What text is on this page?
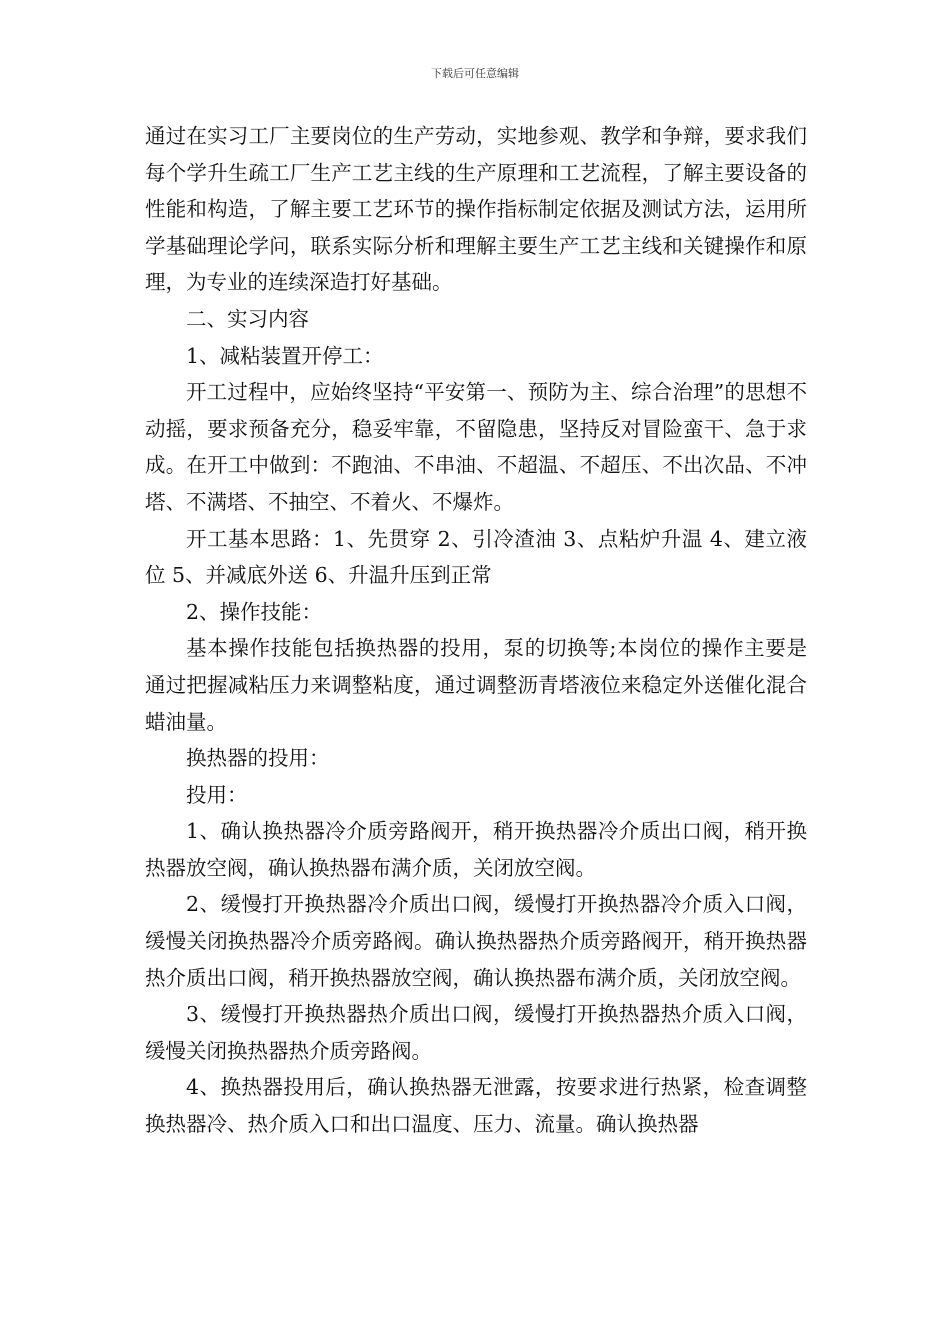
下载后可任意编辑

通过在实习工厂主要岗位的生产劳动，实地参观、教学和争辩，要求我们每个学升生疏工厂生产工艺主线的生产原理和工艺流程，了解主要设备的性能和构造，了解主要工艺环节的操作指标制定依据及测试方法，运用所学基础理论学问，联系实际分析和理解主要生产工艺主线和关键操作和原理，为专业的连续深造打好基础。

二、实习内容

1、减粘装置开停工：

开工过程中，应始终坚持“平安第一、预防为主、综合治理”的思想不动摇，要求预备充分，稳妥牢靠，不留隐患，坚持反对冒险蛮干、急于求成。在开工中做到：不跑油、不串油、不超温、不超压、不出次品、不冲塔、不满塔、不抽空、不着火、不爆炸。

开工基本思路：1、先贯穿 2、引冷渣油 3、点粘炉升温 4、建立液位 5、并减底外送 6、升温升压到正常

2、操作技能：

基本操作技能包括换热器的投用，泵的切换等;本岗位的操作主要是通过把握减粘压力来调整粘度，通过调整沥青塔液位来稳定外送催化混合蜡油量。

换热器的投用：

投用：

1、确认换热器冷介质旁路阀开，稍开换热器冷介质出口阀，稍开换热器放空阀，确认换热器布满介质，关闭放空阀。

2、缓慢打开换热器冷介质出口阀，缓慢打开换热器冷介质入口阀，缓慢关闭换热器冷介质旁路阀。确认换热器热介质旁路阀开，稍开换热器热介质出口阀，稍开换热器放空阀，确认换热器布满介质，关闭放空阀。

3、缓慢打开换热器热介质出口阀，缓慢打开换热器热介质入口阀，缓慢关闭换热器热介质旁路阀。

4、换热器投用后，确认换热器无泄露，按要求进行热紧，检查调整换热器冷、热介质入口和出口温度、压力、流量。确认换热器
